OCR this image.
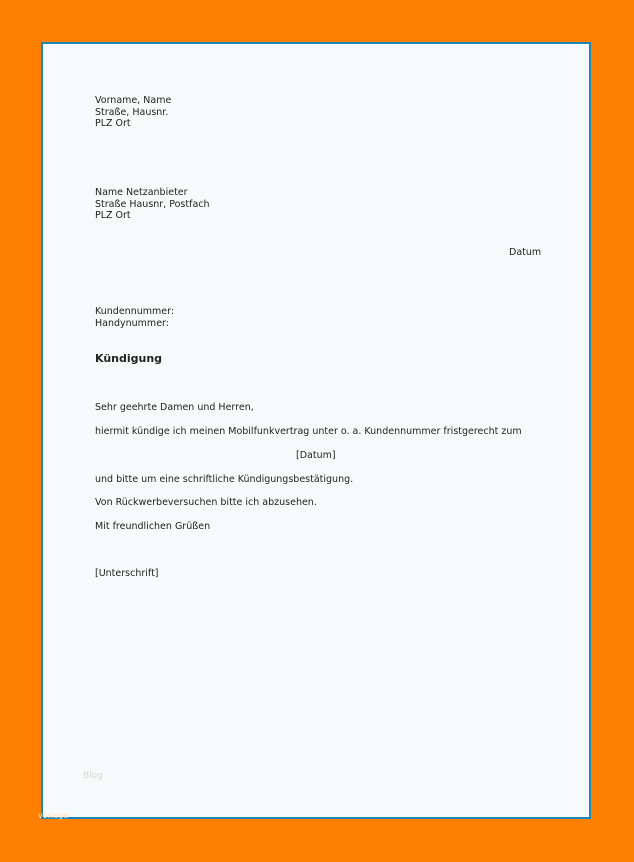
Vorname, Name
Straße, Hausnr.
PLZ Ort
Name Netzanbieter
Straße Hausnr, Postfach
PLZ Ort
Datum
Kundennummer:
Handynummer:
Kündigung
Sehr geehrte Damen und Herren,
hiermit kündige ich meinen Mobilfunkvertrag unter o. a. Kundennummer fristgerecht zum
[Datum]
und bitte um eine schriftliche Kündigungsbestätigung.
Von Rückwerbeversuchen bitte ich abzusehen.
Mit freundlichen Grüßen
[Unterschrift]
Blog
vorlage
